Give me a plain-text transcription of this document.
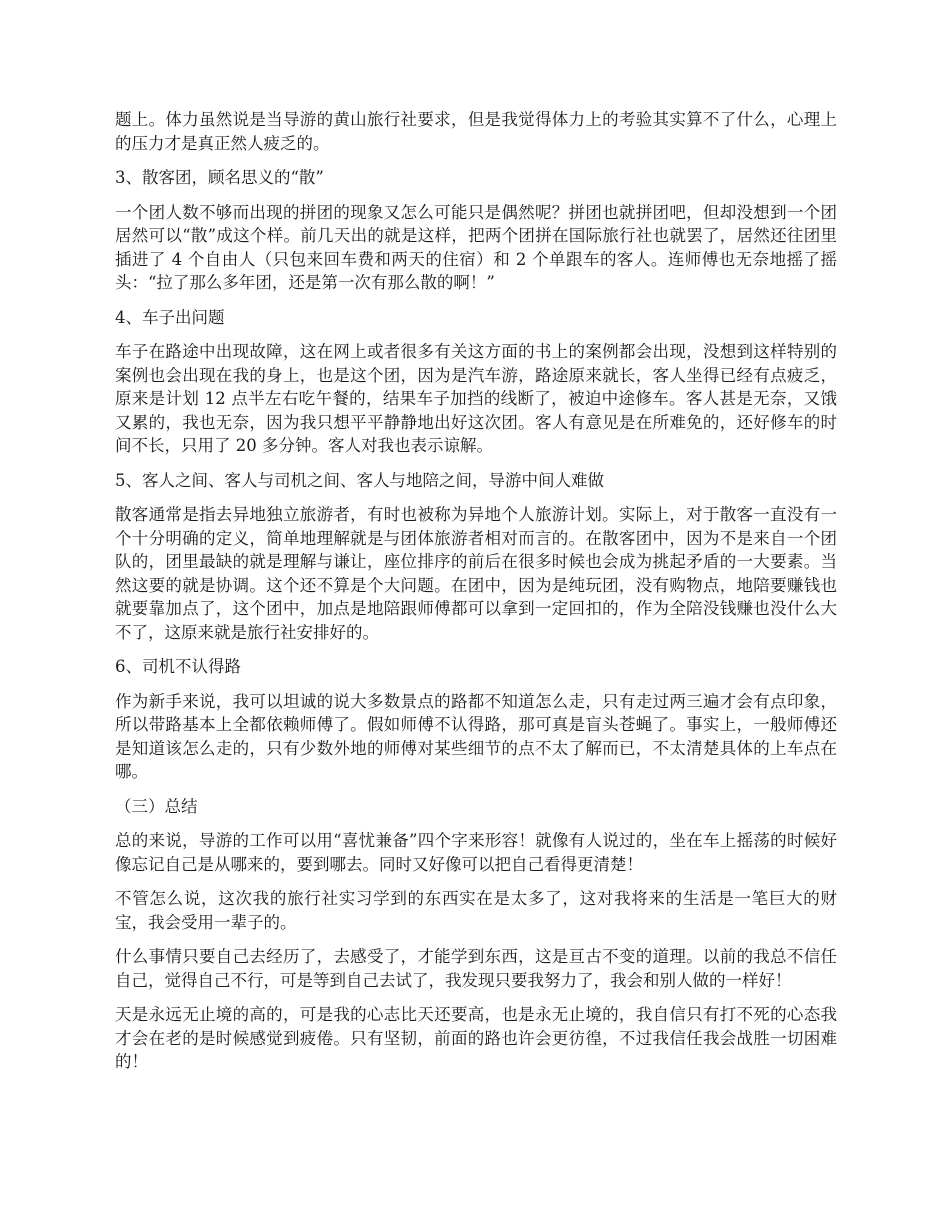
题上。体力虽然说是当导游的黄山旅行社要求，但是我觉得体力上的考验其实算不了什么，心理上的压力才是真正然人疲乏的。

3、散客团，顾名思义的“散”

一个团人数不够而出现的拼团的现象又怎么可能只是偶然呢？拼团也就拼团吧，但却没想到一个团居然可以“散”成这个样。前几天出的就是这样，把两个团拼在国际旅行社也就罢了，居然还往团里插进了 4 个自由人（只包来回车费和两天的住宿）和 2 个单跟车的客人。连师傅也无奈地摇了摇头：“拉了那么多年团，还是第一次有那么散的啊！”

4、车子出问题

车子在路途中出现故障，这在网上或者很多有关这方面的书上的案例都会出现，没想到这样特别的案例也会出现在我的身上，也是这个团，因为是汽车游，路途原来就长，客人坐得已经有点疲乏，原来是计划 12 点半左右吃午餐的，结果车子加挡的线断了，被迫中途修车。客人甚是无奈，又饿又累的，我也无奈，因为我只想平平静静地出好这次团。客人有意见是在所难免的，还好修车的时间不长，只用了 20 多分钟。客人对我也表示谅解。

5、客人之间、客人与司机之间、客人与地陪之间，导游中间人难做

散客通常是指去异地独立旅游者，有时也被称为异地个人旅游计划。实际上，对于散客一直没有一个十分明确的定义，简单地理解就是与团体旅游者相对而言的。在散客团中，因为不是来自一个团队的，团里最缺的就是理解与谦让，座位排序的前后在很多时候也会成为挑起矛盾的一大要素。当然这要的就是协调。这个还不算是个大问题。在团中，因为是纯玩团，没有购物点，地陪要赚钱也就要靠加点了，这个团中，加点是地陪跟师傅都可以拿到一定回扣的，作为全陪没钱赚也没什么大不了，这原来就是旅行社安排好的。

6、司机不认得路

作为新手来说，我可以坦诚的说大多数景点的路都不知道怎么走，只有走过两三遍才会有点印象，所以带路基本上全都依赖师傅了。假如师傅不认得路，那可真是盲头苍蝇了。事实上，一般师傅还是知道该怎么走的，只有少数外地的师傅对某些细节的点不太了解而已，不太清楚具体的上车点在哪。

（三）总结

总的来说，导游的工作可以用“喜忧兼备”四个字来形容！就像有人说过的，坐在车上摇荡的时候好像忘记自己是从哪来的，要到哪去。同时又好像可以把自己看得更清楚！

不管怎么说，这次我的旅行社实习学到的东西实在是太多了，这对我将来的生活是一笔巨大的财宝，我会受用一辈子的。

什么事情只要自己去经历了，去感受了，才能学到东西，这是亘古不变的道理。以前的我总不信任自己，觉得自己不行，可是等到自己去试了，我发现只要我努力了，我会和别人做的一样好！

天是永远无止境的高的，可是我的心志比天还要高，也是永无止境的，我自信只有打不死的心态我才会在老的是时候感觉到疲倦。只有坚韧，前面的路也许会更彷徨，不过我信任我会战胜一切困难的！
